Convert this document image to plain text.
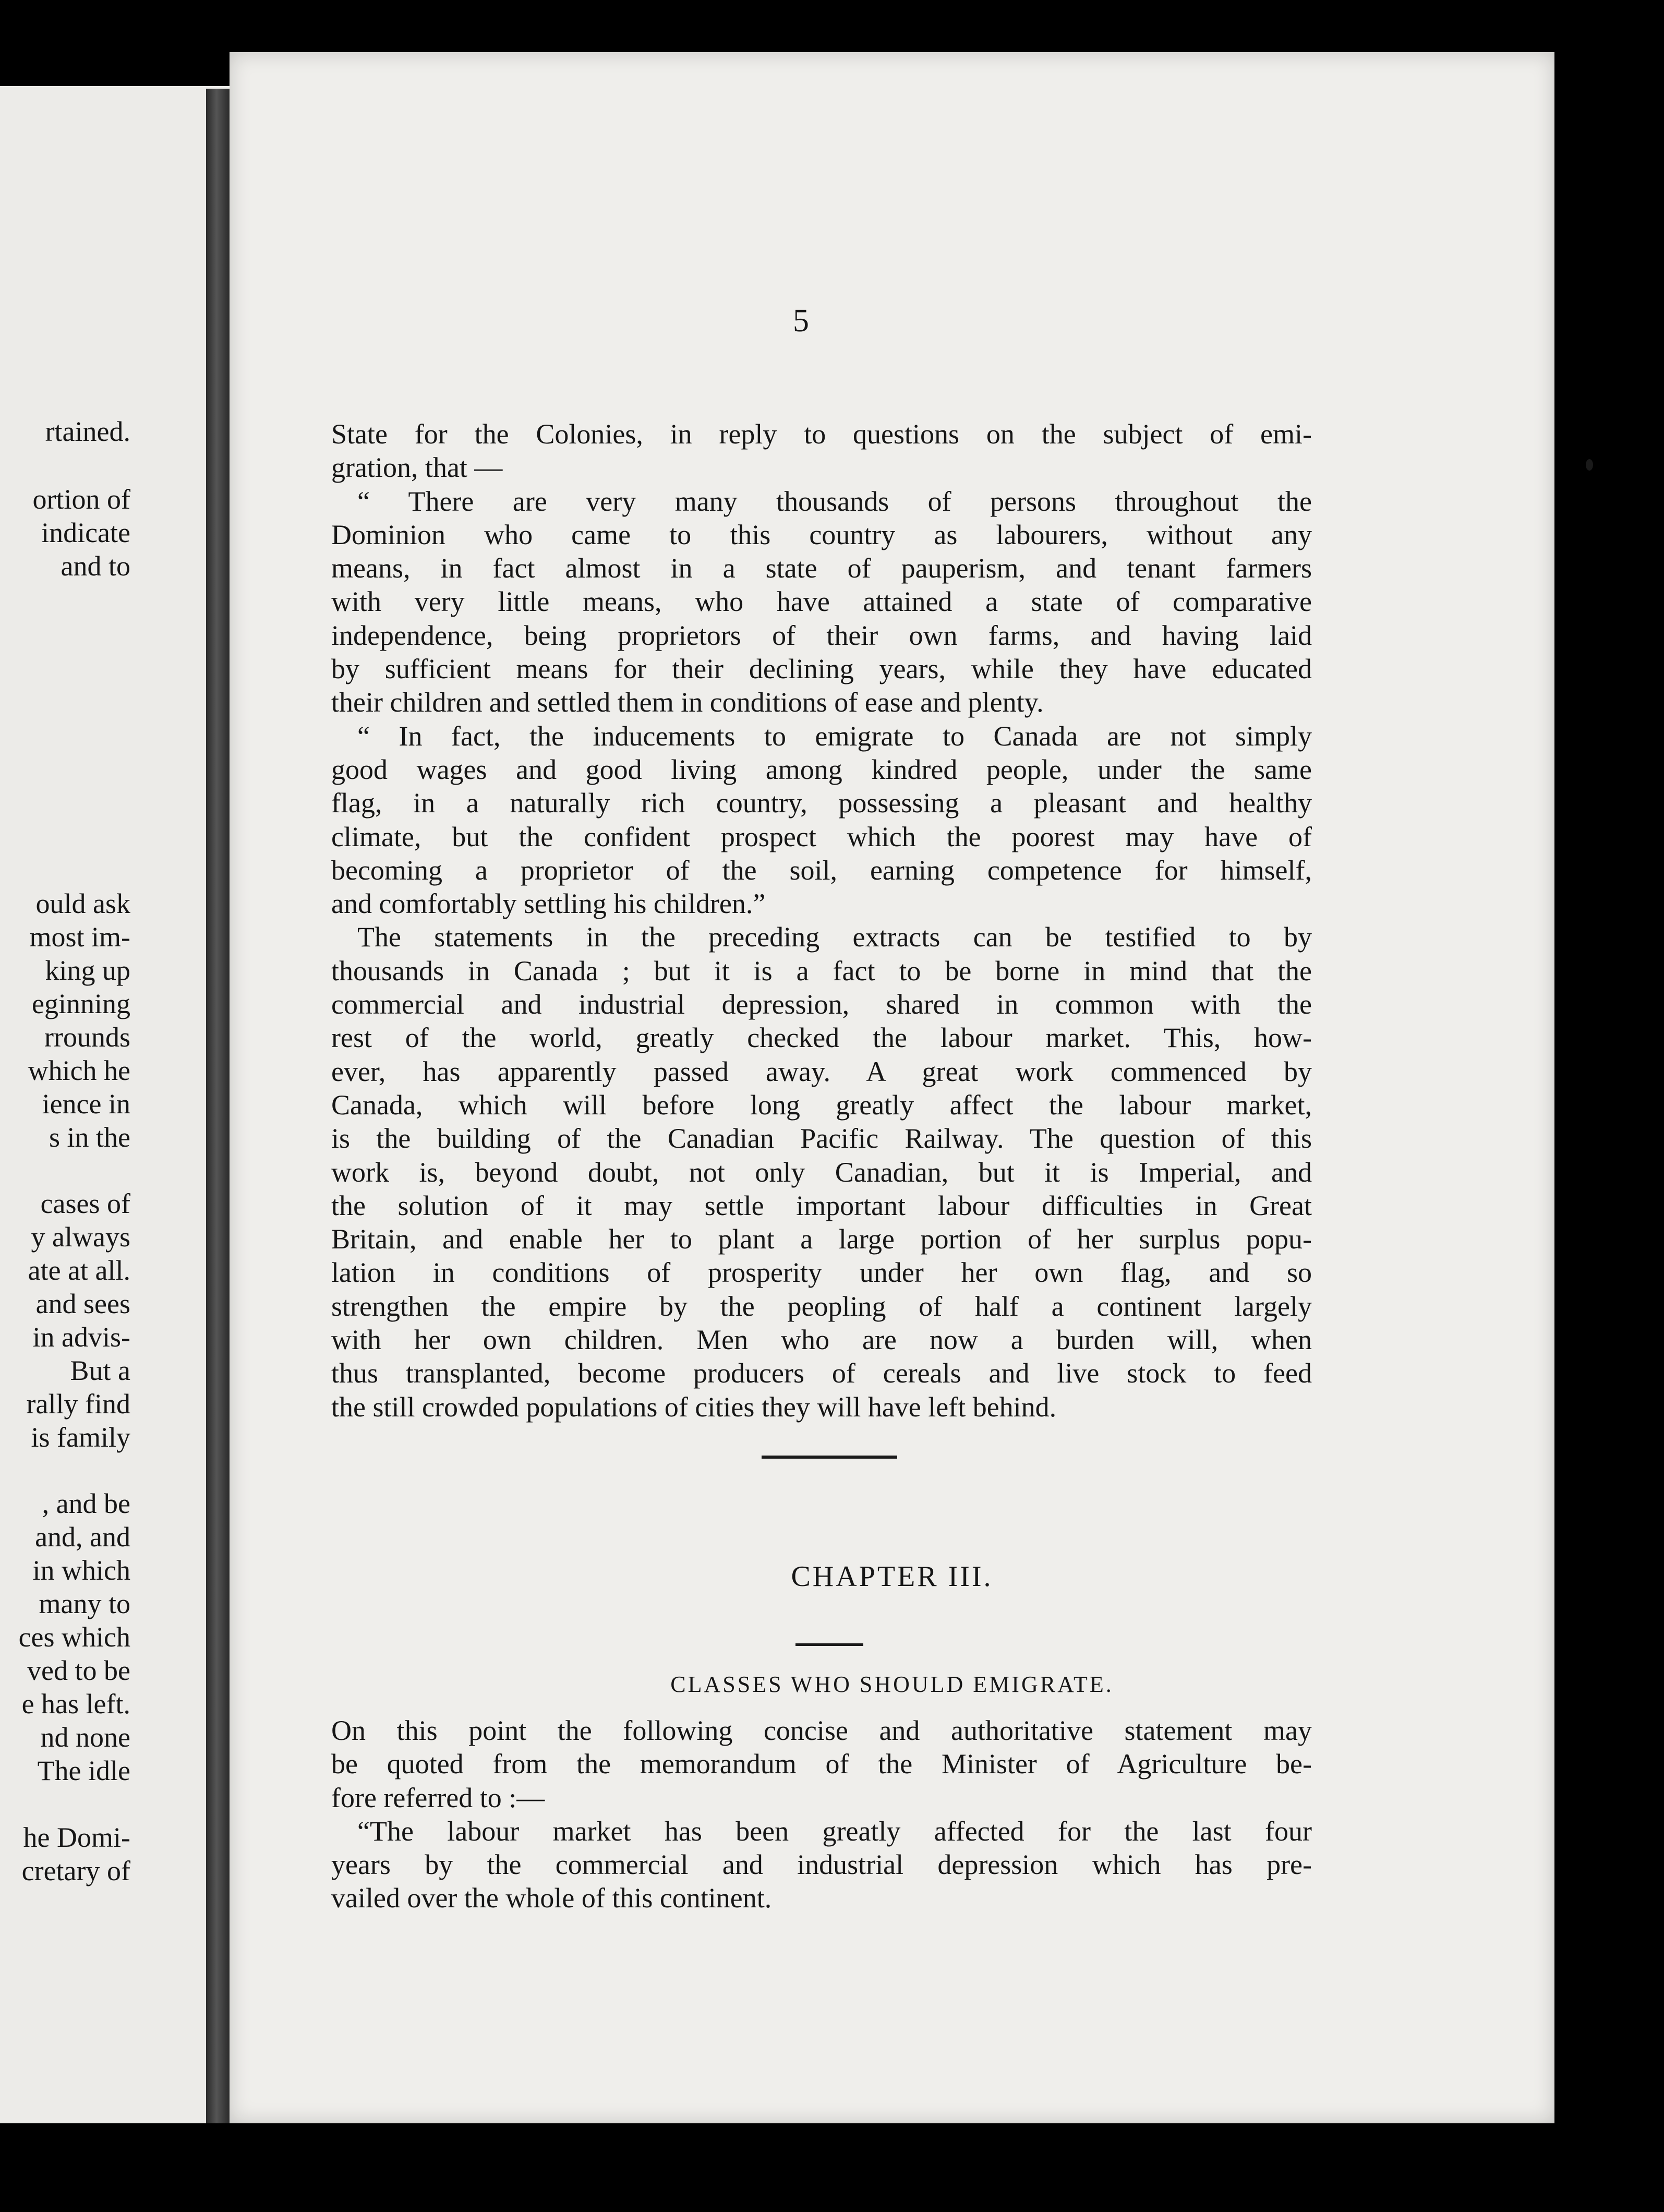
rtained.
ortion of
indicate
and to
ould ask
most im-
king up
eginning
rrounds
which he
ience in
s in the
cases of
y always
ate at all.
and sees
in advis-
But a
rally find
is family
, and be
and, and
in which
many to
ces which
ved to be
e has left.
nd none
The idle
he Domi-
cretary of
5
State for the Colonies, in reply to questions on the subject of emi-
gration, that —
“ There are very many thousands of persons throughout the
Dominion who came to this country as labourers, without any
means, in fact almost in a state of pauperism, and tenant farmers
with very little means, who have attained a state of comparative
independence, being proprietors of their own farms, and having laid
by sufficient means for their declining years, while they have educated
their children and settled them in conditions of ease and plenty.
“ In fact, the inducements to emigrate to Canada are not simply
good wages and good living among kindred people, under the same
flag, in a naturally rich country, possessing a pleasant and healthy
climate, but the confident prospect which the poorest may have of
becoming a proprietor of the soil, earning competence for himself,
and comfortably settling his children.”
The statements in the preceding extracts can be testified to by
thousands in Canada ; but it is a fact to be borne in mind that the
commercial and industrial depression, shared in common with the
rest of the world, greatly checked the labour market. This, how-
ever, has apparently passed away. A great work commenced by
Canada, which will before long greatly affect the labour market,
is the building of the Canadian Pacific Railway. The question of this
work is, beyond doubt, not only Canadian, but it is Imperial, and
the solution of it may settle important labour difficulties in Great
Britain, and enable her to plant a large portion of her surplus popu-
lation in conditions of prosperity under her own flag, and so
strengthen the empire by the peopling of half a continent largely
with her own children. Men who are now a burden will, when
thus transplanted, become producers of cereals and live stock to feed
the still crowded populations of cities they will have left behind.
CHAPTER III.
CLASSES WHO SHOULD EMIGRATE.
On this point the following concise and authoritative statement may
be quoted from the memorandum of the Minister of Agriculture be-
fore referred to :—
“The labour market has been greatly affected for the last four
years by the commercial and industrial depression which has pre-
vailed over the whole of this continent.
